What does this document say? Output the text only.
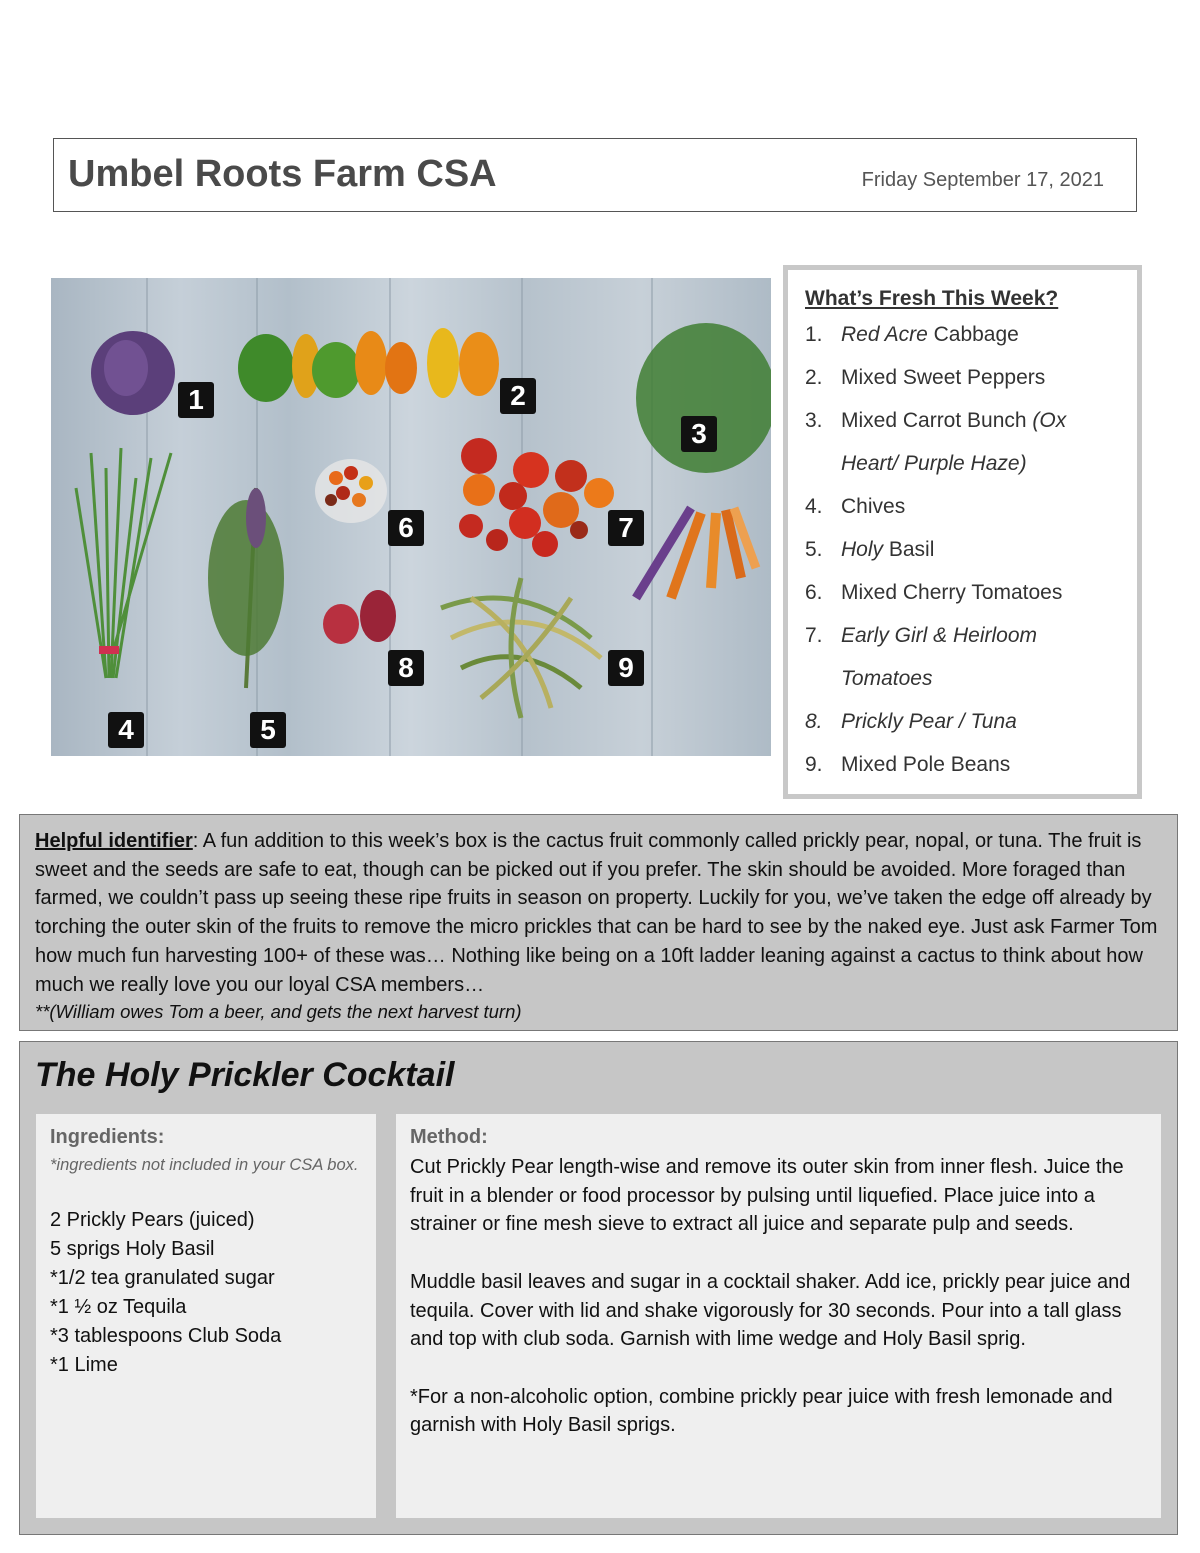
Umbel Roots Farm CSA	Friday September 17, 2021
1	2
3
4	5
6	7
8	9
What’s Fresh This Week?
1. Red Acre Cabbage
2. Mixed Sweet Peppers
3. Mixed Carrot Bunch (Ox
Heart/ Purple Haze)
4. Chives
5. Holy Basil
6. Mixed Cherry Tomatoes
7. Early Girl & Heirloom
Tomatoes
8. Prickly Pear / Tuna
9. Mixed Pole Beans
Helpful identifier: A fun addition to this week’s box is the cactus fruit commonly called prickly pear, nopal, or tuna. The fruit is sweet and the seeds are safe to eat, though can be picked out if you prefer. The skin should be avoided. More foraged than farmed, we couldn’t pass up seeing these ripe fruits in season on property. Luckily for you, we’ve taken the edge off already by torching the outer skin of the fruits to remove the micro prickles that can be hard to see by the naked eye. Just ask Farmer Tom how much fun harvesting 100+ of these was… Nothing like being on a 10ft ladder leaning against a cactus to think about how much we really love you our loyal CSA members…
**(William owes Tom a beer, and gets the next harvest turn)
The Holy Prickler Cocktail
Ingredients:
*ingredients not included in your CSA box.
2 Prickly Pears (juiced)
5 sprigs Holy Basil
*1/2 tea granulated sugar
*1 ½ oz Tequila
*3 tablespoons Club Soda
*1 Lime
Method:

Cut Prickly Pear length-wise and remove its outer skin from inner flesh. Juice the fruit in a blender or food processor by pulsing until liquefied. Place juice into a strainer or fine mesh sieve to extract all juice and separate pulp and seeds.

Muddle basil leaves and sugar in a cocktail shaker. Add ice, prickly pear juice and tequila. Cover with lid and shake vigorously for 30 seconds. Pour into a tall glass and top with club soda. Garnish with lime wedge and Holy Basil sprig.

*For a non-alcoholic option, combine prickly pear juice with fresh lemonade and garnish with Holy Basil sprigs.
